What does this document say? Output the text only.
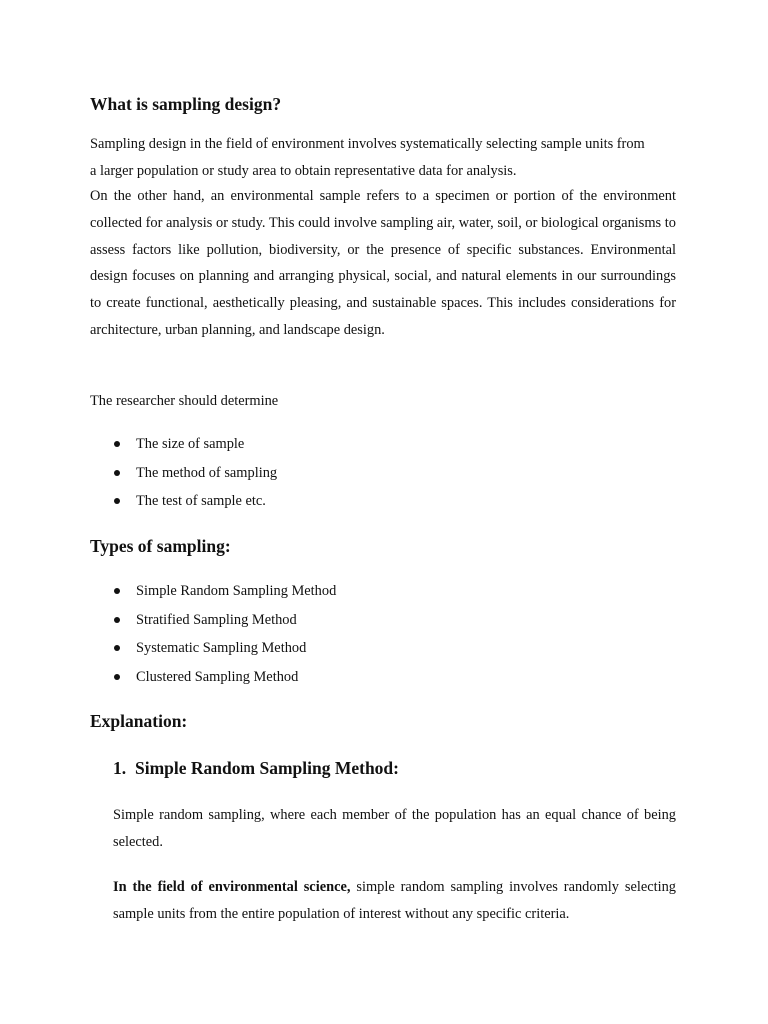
What is sampling design?

Sampling design in the field of environment involves systematically selecting sample units from

a larger population or study area to obtain representative data for analysis.

On the other hand, an environmental sample refers to a specimen or portion of the environment collected for analysis or study. This could involve sampling air, water, soil, or biological organisms to assess factors like pollution, biodiversity, or the presence of specific substances. Environmental design focuses on planning and arranging physical, social, and natural elements in our surroundings to create functional, aesthetically pleasing, and sustainable spaces. This includes considerations for architecture, urban planning, and landscape design.

The researcher should determine

The size of sample
The method of sampling
The test of sample etc.
Types of sampling:
Simple Random Sampling Method
Stratified Sampling Method
Systematic Sampling Method
Clustered Sampling Method
Explanation:
1. Simple Random Sampling Method:

Simple random sampling, where each member of the population has an equal chance of being selected.

In the field of environmental science, simple random sampling involves randomly selecting sample units from the entire population of interest without any specific criteria.
